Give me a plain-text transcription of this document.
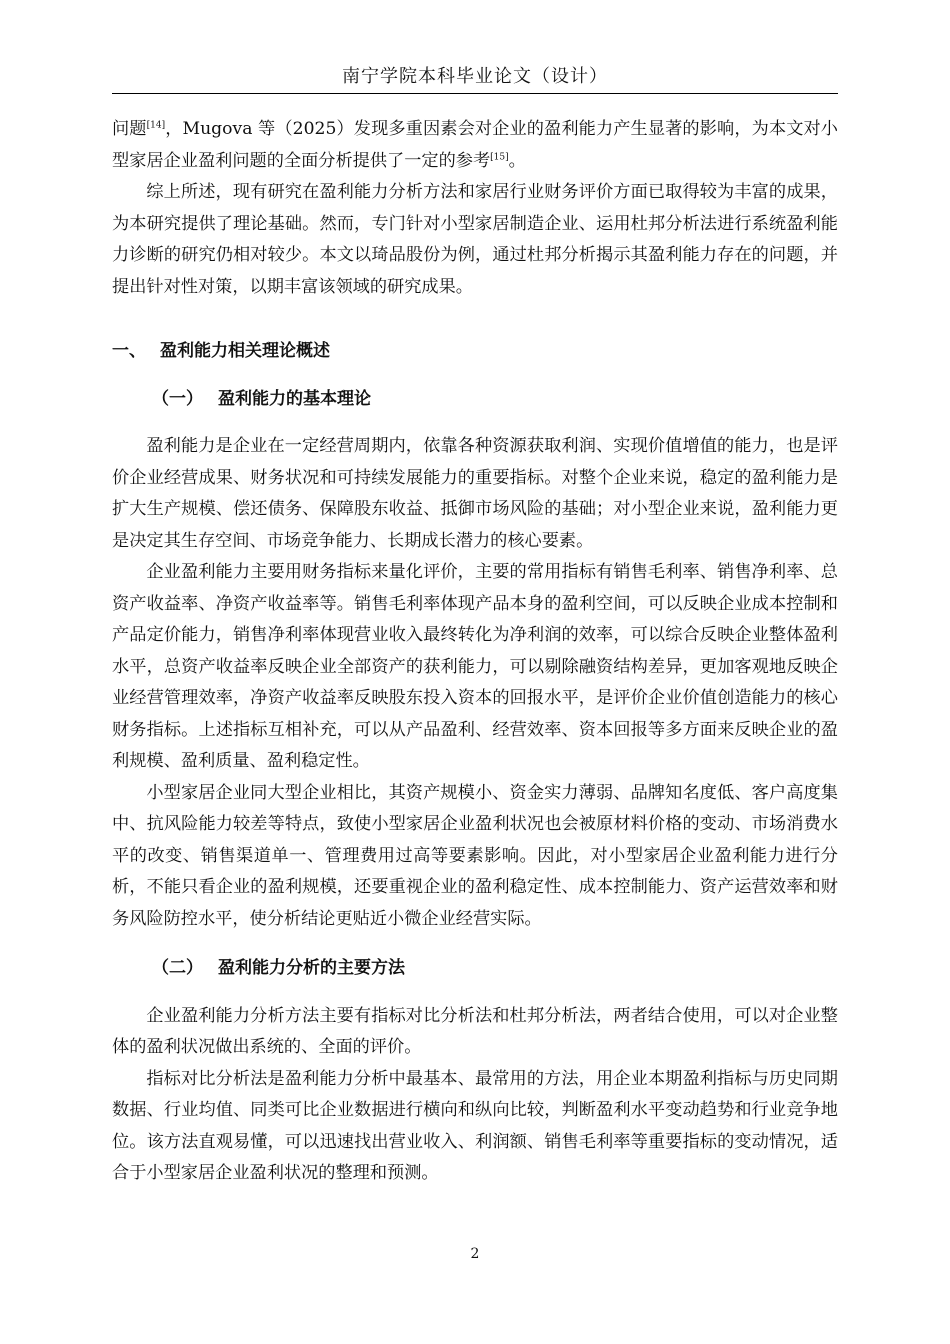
南宁学院本科毕业论文（设计）

问题[14]，Mugova 等（2025）发现多重因素会对企业的盈利能力产生显著的影响，为本文对小型家居企业盈利问题的全面分析提供了一定的参考[15]。

综上所述，现有研究在盈利能力分析方法和家居行业财务评价方面已取得较为丰富的成果，为本研究提供了理论基础。然而，专门针对小型家居制造企业、运用杜邦分析法进行系统盈利能力诊断的研究仍相对较少。本文以琦品股份为例，通过杜邦分析揭示其盈利能力存在的问题，并提出针对性对策，以期丰富该领域的研究成果。

一、 盈利能力相关理论概述

（一） 盈利能力的基本理论

盈利能力是企业在一定经营周期内，依靠各种资源获取利润、实现价值增值的能力，也是评价企业经营成果、财务状况和可持续发展能力的重要指标。对整个企业来说，稳定的盈利能力是扩大生产规模、偿还债务、保障股东收益、抵御市场风险的基础；对小型企业来说，盈利能力更是决定其生存空间、市场竞争能力、长期成长潜力的核心要素。

企业盈利能力主要用财务指标来量化评价，主要的常用指标有销售毛利率、销售净利率、总资产收益率、净资产收益率等。销售毛利率体现产品本身的盈利空间，可以反映企业成本控制和产品定价能力，销售净利率体现营业收入最终转化为净利润的效率，可以综合反映企业整体盈利水平，总资产收益率反映企业全部资产的获利能力，可以剔除融资结构差异，更加客观地反映企业经营管理效率，净资产收益率反映股东投入资本的回报水平，是评价企业价值创造能力的核心财务指标。上述指标互相补充，可以从产品盈利、经营效率、资本回报等多方面来反映企业的盈利规模、盈利质量、盈利稳定性。

小型家居企业同大型企业相比，其资产规模小、资金实力薄弱、品牌知名度低、客户高度集中、抗风险能力较差等特点，致使小型家居企业盈利状况也会被原材料价格的变动、市场消费水平的改变、销售渠道单一、管理费用过高等要素影响。因此，对小型家居企业盈利能力进行分析，不能只看企业的盈利规模，还要重视企业的盈利稳定性、成本控制能力、资产运营效率和财务风险防控水平，使分析结论更贴近小微企业经营实际。

（二） 盈利能力分析的主要方法

企业盈利能力分析方法主要有指标对比分析法和杜邦分析法，两者结合使用，可以对企业整体的盈利状况做出系统的、全面的评价。

指标对比分析法是盈利能力分析中最基本、最常用的方法，用企业本期盈利指标与历史同期数据、行业均值、同类可比企业数据进行横向和纵向比较，判断盈利水平变动趋势和行业竞争地位。该方法直观易懂，可以迅速找出营业收入、利润额、销售毛利率等重要指标的变动情况，适合于小型家居企业盈利状况的整理和预测。

2
